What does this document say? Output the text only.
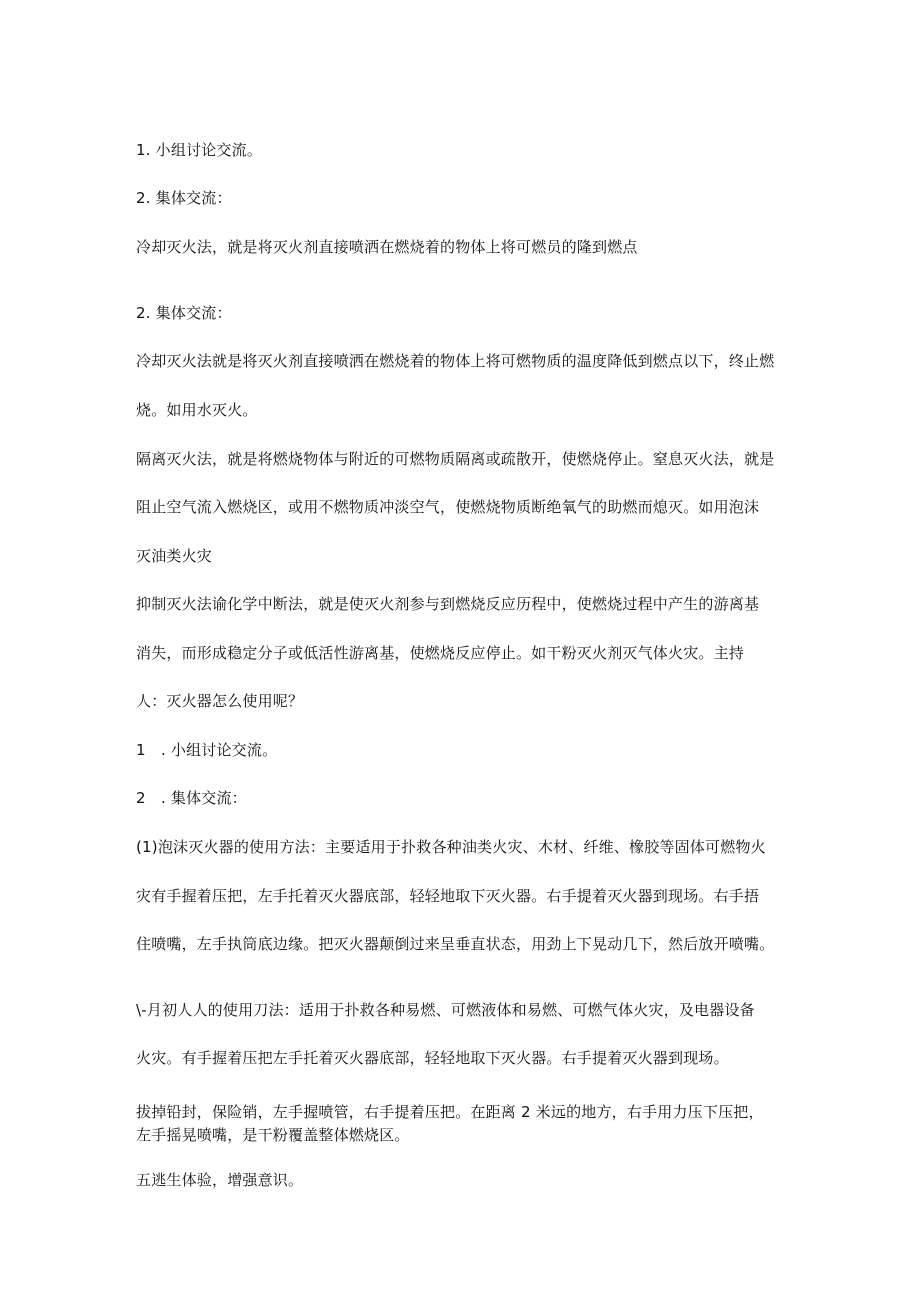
1. 小组讨论交流。
2. 集体交流：
冷却灭火法，就是将灭火剂直接喷洒在燃烧着的物体上将可燃员的隆到燃点
2. 集体交流：
冷却灭火法就是将灭火剂直接喷洒在燃烧着的物体上将可燃物质的温度降低到燃点以下，终止燃
烧。如用水灭火。
隔离灭火法，就是将燃烧物体与附近的可燃物质隔离或疏散开，使燃烧停止。窒息灭火法，就是
阻止空气流入燃烧区，或用不燃物质冲淡空气，使燃烧物质断绝氧气的助燃而熄灭。如用泡沫
灭油类火灾
抑制灭火法谕化学中断法，就是使灭火剂参与到燃烧反应历程中，使燃烧过程中产生的游离基
消失，而形成稳定分子或低活性游离基，使燃烧反应停止。如干粉灭火剂灭气体火灾。主持
人：灭火器怎么使用呢？
1　. 小组讨论交流。
2　. 集体交流：
(1)泡沫灭火器的使用方法：主要适用于扑救各种油类火灾、木材、纤维、橡胶等固体可燃物火
灾有手握着压把，左手托着灭火器底部，轻轻地取下灭火器。右手提着灭火器到现场。右手捂
住喷嘴，左手执筒底边缘。把灭火器颠倒过来呈垂直状态，用劲上下晃动几下，然后放开喷嘴。
\-月初人人的使用刀法：适用于扑救各种易燃、可燃液体和易燃、可燃气体火灾，及电器设备
火灾。有手握着压把左手托着灭火器底部，轻轻地取下灭火器。右手提着灭火器到现场。
拔掉铅封，保险销，左手握喷管，右手提着压把。在距离 2 米远的地方，右手用力压下压把，
左手摇晃喷嘴，是干粉覆盖整体燃烧区。
五逃生体验，增强意识。
